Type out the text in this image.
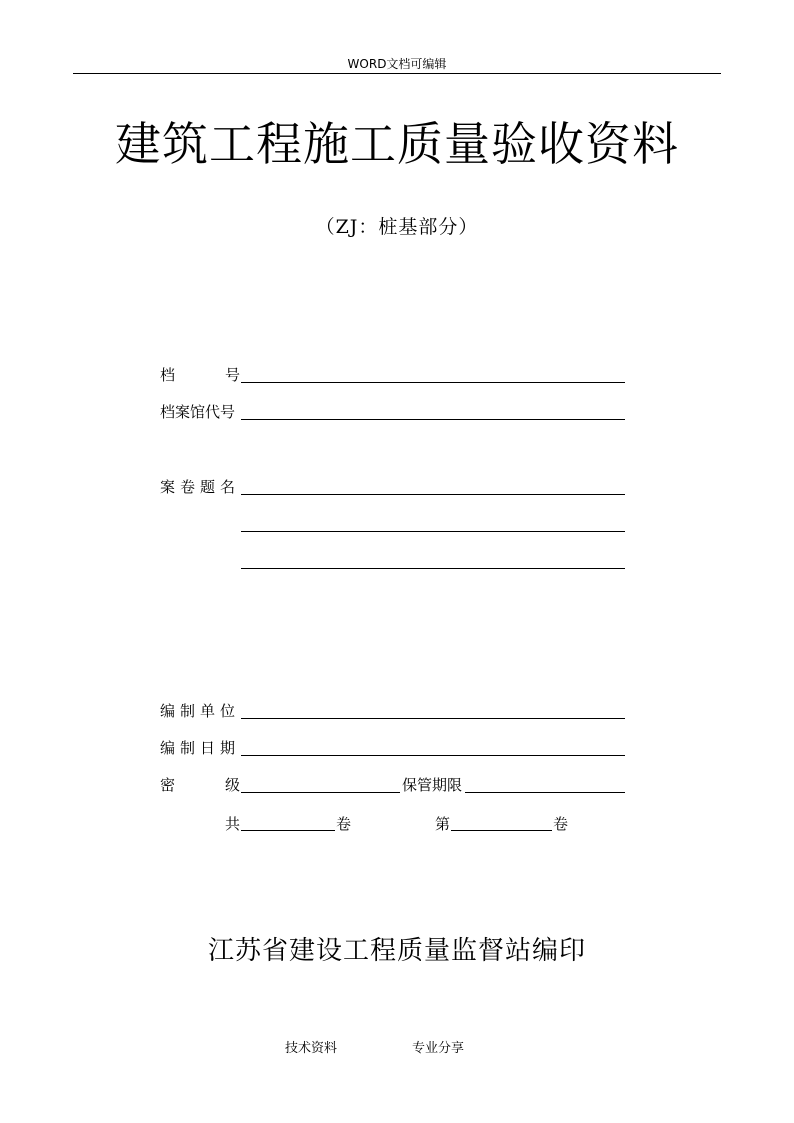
WORD文档可编辑
建筑工程施工质量验收资料
（ZJ：桩基部分）
档	号
档案馆代号
案卷题名
编制单位
编制日期
密	级	保管期限
共	卷	第	卷
江苏省建设工程质量监督站编印
技术资料	专业分享
